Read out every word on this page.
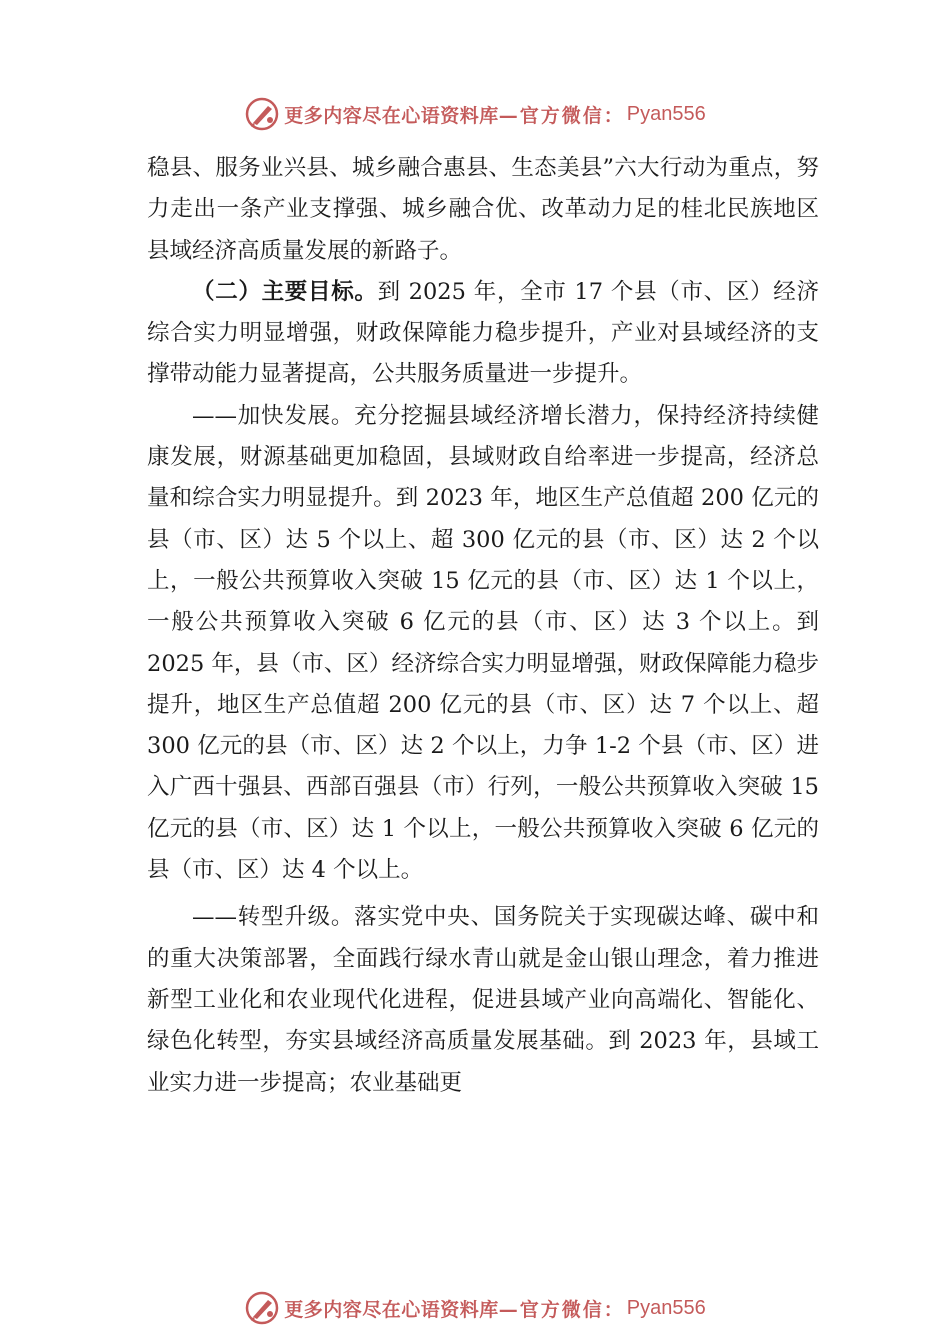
更多内容尽在心语资料库 —官方微信： Pyan556

稳县、服务业兴县、城乡融合惠县、生态美县”六大行动为重点，努力走出一条产业支撑强、城乡融合优、改革动力足的桂北民族地区县域经济高质量发展的新路子。

（二）主要目标。到 2025 年，全市 17 个县（市、区）经济综合实力明显增强，财政保障能力稳步提升，产业对县域经济的支撑带动能力显著提高，公共服务质量进一步提升。

——加快发展。充分挖掘县域经济增长潜力，保持经济持续健康发展，财源基础更加稳固，县域财政自给率进一步提高，经济总量和综合实力明显提升。到 2023 年，地区生产总值超 200 亿元的县（市、区）达 5 个以上、超 300 亿元的县（市、区）达 2 个以上，一般公共预算收入突破 15 亿元的县（市、区）达 1 个以上，一般公共预算收入突破 6 亿元的县（市、区）达 3 个以上。到 2025 年，县（市、区）经济综合实力明显增强，财政保障能力稳步提升，地区生产总值超 200 亿元的县（市、区）达 7 个以上、超 300 亿元的县（市、区）达 2 个以上，力争 1-2 个县（市、区）进入广西十强县、西部百强县（市）行列，一般公共预算收入突破 15 亿元的县（市、区）达 1 个以上，一般公共预算收入突破 6 亿元的县（市、区）达 4 个以上。

——转型升级。落实党中央、国务院关于实现碳达峰、碳中和的重大决策部署，全面践行绿水青山就是金山银山理念，着力推进新型工业化和农业现代化进程，促进县域产业向高端化、智能化、绿色化转型，夯实县域经济高质量发展基础。到 2023 年，县域工业实力进一步提高；农业基础更

更多内容尽在心语资料库 —官方微信： Pyan556
